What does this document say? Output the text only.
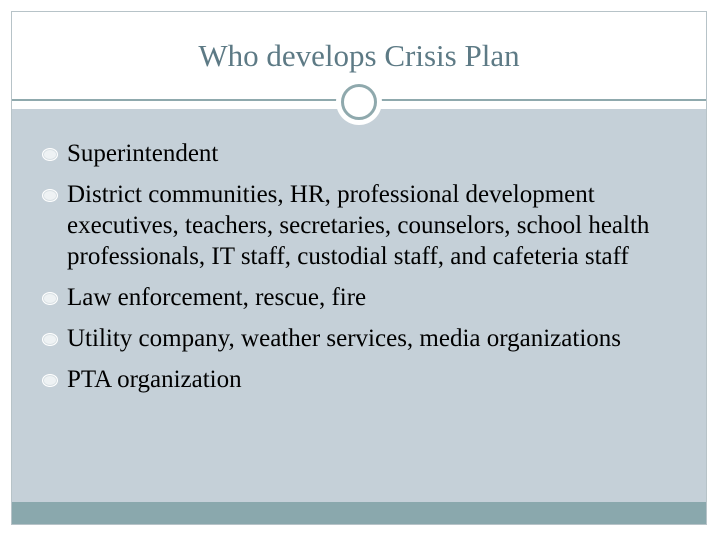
Who develops Crisis Plan
Superintendent
District communities, HR, professional development executives, teachers, secretaries, counselors, school health professionals, IT staff, custodial staff, and cafeteria staff
Law enforcement, rescue, fire
Utility company, weather services, media organizations
PTA organization
